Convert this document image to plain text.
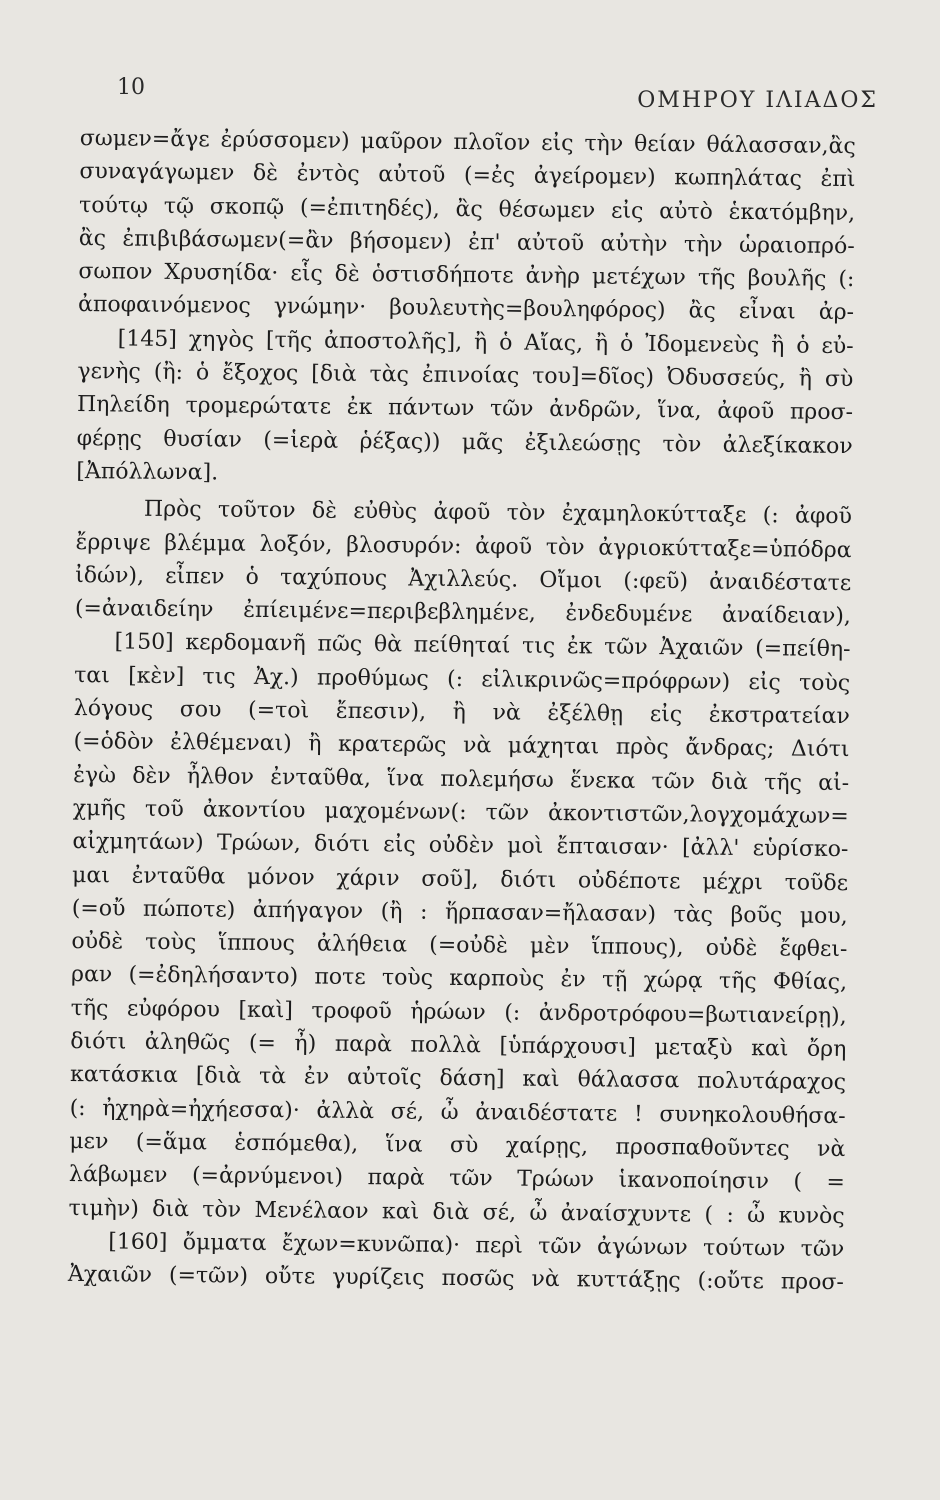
10
ΟΜΗΡΟΥ ΙΛΙΑΔΟΣ
σωμεν=ἄγε ἐρύσσομεν) μαῦρον πλοῖον εἰς τὴν θείαν θάλασσαν,ἂς
συναγάγωμεν δὲ ἐντὸς αὐτοῦ (=ἐς ἀγείρομεν) κωπηλάτας ἐπὶ
τούτῳ τῷ σκοπῷ (=ἐπιτηδές), ἂς θέσωμεν εἰς αὐτὸ ἑκατόμβην,
ἂς ἐπιβιβάσωμεν(=ἂν βήσομεν) ἐπ' αὐτοῦ αὐτὴν τὴν ὡραιοπρό-
σωπον Χρυσηίδα· εἷς δὲ ὁστισδήποτε ἀνὴρ μετέχων τῆς βουλῆς (:
ἀποφαινόμενος γνώμην· βουλευτὴς=βουληφόρος) ἂς εἶναι ἀρ-
[145] χηγὸς [τῆς ἀποστολῆς], ἢ ὁ Αἴας, ἢ ὁ Ἰδομενεὺς ἢ ὁ εὐ-
γενὴς (ἢ: ὁ ἔξοχος [διὰ τὰς ἐπινοίας του]=δῖος) Ὀδυσσεύς, ἢ σὺ
Πηλείδη τρομερώτατε ἐκ πάντων τῶν ἀνδρῶν, ἵνα, ἀφοῦ προσ-
φέρῃς θυσίαν (=ἱερὰ ῥέξας)) μᾶς ἐξιλεώσῃς τὸν ἀλεξίκακον
[Ἀπόλλωνα].
Πρὸς τοῦτον δὲ εὐθὺς ἀφοῦ τὸν ἐχαμηλοκύτταξε (: ἀφοῦ
ἔρριψε βλέμμα λοξόν, βλοσυρόν: ἀφοῦ τὸν ἀγριοκύτταξε=ὑπόδρα
ἰδών), εἶπεν ὁ ταχύπους Ἀχιλλεύς. Οἴμοι (:φεῦ) ἀναιδέστατε
(=ἀναιδείην ἐπίειμένε=περιβεβλημένε, ἐνδεδυμένε ἀναίδειαν),
[150] κερδομανῆ πῶς θὰ πείθηταί τις ἐκ τῶν Ἀχαιῶν (=πείθη-
ται [κὲν] τις Ἀχ.) προθύμως (: εἰλικρινῶς=πρόφρων) εἰς τοὺς
λόγους σου (=τοὶ ἔπεσιν), ἢ νὰ ἐξέλθῃ εἰς ἐκστρατείαν
(=ὁδὸν ἐλθέμεναι) ἢ κρατερῶς νὰ μάχηται πρὸς ἄνδρας; Διότι
ἐγὼ δὲν ἦλθον ἐνταῦθα, ἵνα πολεμήσω ἕνεκα τῶν διὰ τῆς αἰ-
χμῆς τοῦ ἀκοντίου μαχομένων(: τῶν ἀκοντιστῶν,λογχομάχων=
αἰχμητάων) Τρώων, διότι εἰς οὐδὲν μοὶ ἔπταισαν· [ἀλλ' εὑρίσκο-
μαι ἐνταῦθα μόνον χάριν σοῦ], διότι οὐδέποτε μέχρι τοῦδε
(=οὔ πώποτε) ἀπήγαγον (ἢ : ἥρπασαν=ἤλασαν) τὰς βοῦς μου,
οὐδὲ τοὺς ἵππους ἀλήθεια (=οὐδὲ μὲν ἵππους), οὐδὲ ἔφθει-
ραν (=ἐδηλήσαντο) ποτε τοὺς καρποὺς ἐν τῇ χώρᾳ τῆς Φθίας,
τῆς εὐφόρου [καὶ] τροφοῦ ἡρώων (: ἀνδροτρόφου=βωτιανείρῃ),
διότι ἀληθῶς (= ἦ) παρὰ πολλὰ [ὑπάρχουσι] μεταξὺ καὶ ὄρη
κατάσκια [διὰ τὰ ἐν αὐτοῖς δάση] καὶ θάλασσα πολυτάραχος
(: ἠχηρὰ=ἠχήεσσα)· ἀλλὰ σέ, ὦ ἀναιδέστατε ! συνηκολουθήσα-
μεν (=ἅμα ἑσπόμεθα), ἵνα σὺ χαίρῃς, προσπαθοῦντες νὰ
λάβωμεν (=ἀρνύμενοι) παρὰ τῶν Τρώων ἱκανοποίησιν ( =
τιμὴν) διὰ τὸν Μενέλαον καὶ διὰ σέ, ὦ ἀναίσχυντε ( : ὦ κυνὸς
[160] ὄμματα ἔχων=κυνῶπα)· περὶ τῶν ἀγώνων τούτων τῶν
Ἀχαιῶν (=τῶν) οὔτε γυρίζεις ποσῶς νὰ κυττάξῃς (:οὔτε προσ-
